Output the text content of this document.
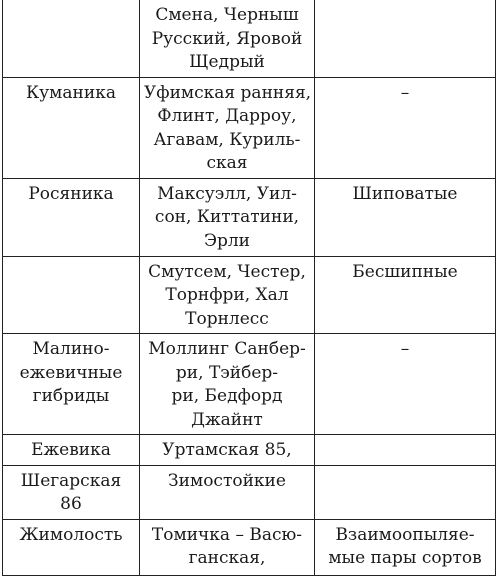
	Смена, Черныш
Русский, Яровой
Щедрый	

Куманика	Уфимская ранняя,
Флинт, Дарроу,
Агавам, Куриль-
ская	–

Росяника	Максуэлл, Уил-
сон, Киттатини,
Эрли	Шиповатые

	Смутсем, Честер,
Торнфри, Хал
Торнлесс	Бесшипные

Малино-
ежевичные
гибриды	Моллинг Санбер-
ри, Тэйбер-
ри, Бедфорд
Джайнт	–

Ежевика	Уртамская 85,	

Шегарская
86	Зимостойкие	

Жимолость	Томичка – Васю-
ганская,	Взаимоопыляе-
мые пары сортов
